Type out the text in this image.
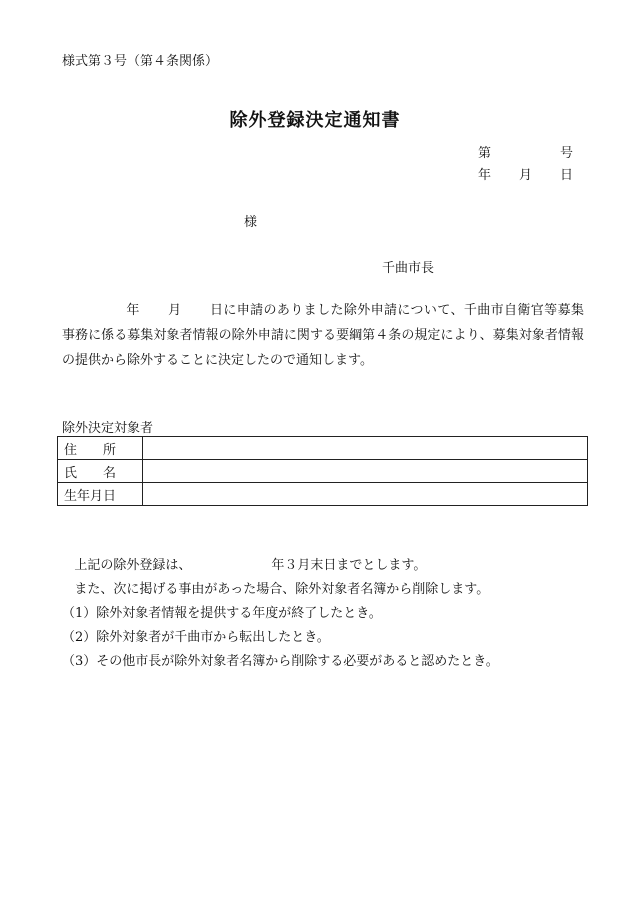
様式第３号（第４条関係）
除外登録決定通知書
第	号
年 月 日
様
千曲市長
年 月 日に申請のありました除外申請について、千曲市自衛官等募集事務に係る募集対象者情報の除外申請に関する要綱第４条の規定により、募集対象者情報の提供から除外することに決定したので通知します。
除外決定対象者
住 所	
氏 名	
生年月日	
上記の除外登録は、	年３月末日までとします。
また、次に掲げる事由があった場合、除外対象者名簿から削除します。
（1）除外対象者情報を提供する年度が終了したとき。
（2）除外対象者が千曲市から転出したとき。
（3）その他市長が除外対象者名簿から削除する必要があると認めたとき。
